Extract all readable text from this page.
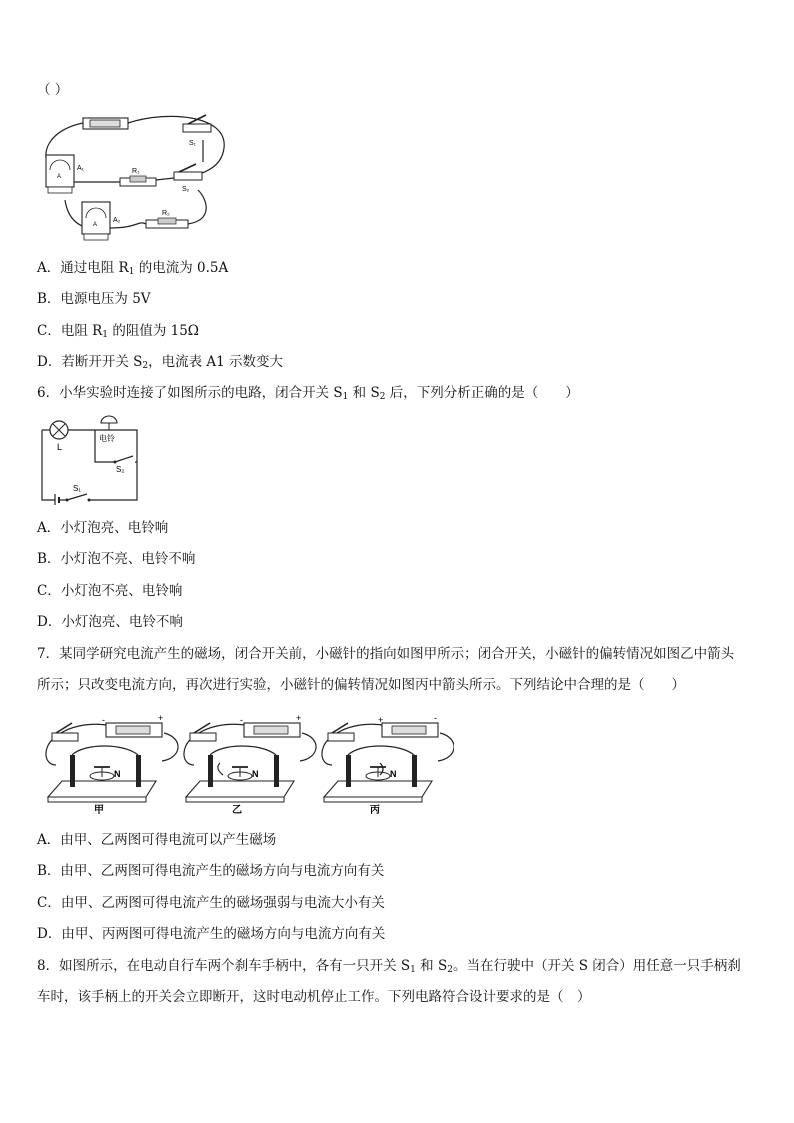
（ ）
S₁
S₂
A
A₁	R₁
A
A₂
R₂
A．通过电阻 $R_1$ 的电流为 0.5A
B．电源电压为 5V
C．电阻 $R_1$ 的阻值为 15Ω
D．若断开开关 $S_2$，电流表 A1 示数变大
6．小华实验时连接了如图所示的电路，闭合开关 $S_1$ 和 $S_2$ 后，下列分析正确的是（　　）
L
电铃
S₂
S₁
A．小灯泡亮、电铃响
B．小灯泡不亮、电铃不响
C．小灯泡不亮、电铃响
D．小灯泡亮、电铃不响
7．某同学研究电流产生的磁场，闭合开关前，小磁针的指向如图甲所示；闭合开关，小磁针的偏转情况如图乙中箭头
所示；只改变电流方向，再次进行实验，小磁针的偏转情况如图丙中箭头所示。下列结论中合理的是（　　）
-	+
N
甲
-	+
N
乙
+	-
N
丙
A．由甲、乙两图可得电流可以产生磁场
B．由甲、乙两图可得电流产生的磁场方向与电流方向有关
C．由甲、乙两图可得电流产生的磁场强弱与电流大小有关
D．由甲、丙两图可得电流产生的磁场方向与电流方向有关
8．如图所示，在电动自行车两个刹车手柄中，各有一只开关 $S_1$ 和 $S_2$。当在行驶中（开关 S 闭合）用任意一只手柄刹
车时，该手柄上的开关会立即断开，这时电动机停止工作。下列电路符合设计要求的是（　）
